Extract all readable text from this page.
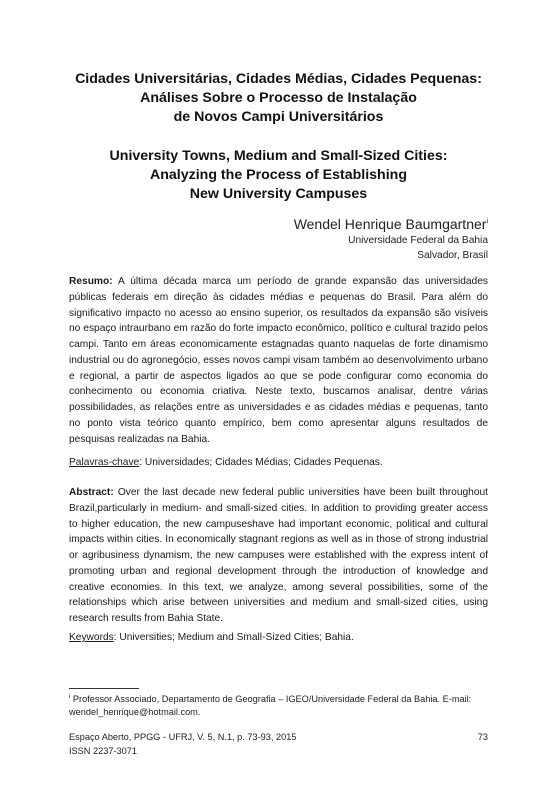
Cidades Universitárias, Cidades Médias, Cidades Pequenas:
Análises Sobre o Processo de Instalação
de Novos Campi Universitários
University Towns, Medium and Small-Sized Cities:
Analyzing the Process of Establishing
New University Campuses
Wendel Henrique Baumgartner$^i$
Universidade Federal da Bahia
Salvador, Brasil
Resumo: A última década marca um período de grande expansão das universidades públicas federais em direção às cidades médias e pequenas do Brasil. Para além do significativo impacto no acesso ao ensino superior, os resultados da expansão são visíveis no espaço intraurbano em razão do forte impacto econômico, político e cultural trazido pelos campi. Tanto em áreas economicamente estagnadas quanto naquelas de forte dinamismo industrial ou do agronegócio, esses novos campi visam também ao desenvolvimento urbano e regional, a partir de aspectos ligados ao que se pode configurar como economia do conhecimento ou economia criativa. Neste texto, buscamos analisar, dentre várias possibilidades, as relações entre as universidades e as cidades médias e pequenas, tanto no ponto vista teórico quanto empírico, bem como apresentar alguns resultados de pesquisas realizadas na Bahia.
Palavras-chave: Universidades; Cidades Médias; Cidades Pequenas.
Abstract: Over the last decade new federal public universities have been built throughout Brazil,particularly in medium- and small-sized cities. In addition to providing greater access to higher education, the new campuseshave had important economic, political and cultural impacts within cities. In economically stagnant regions as well as in those of strong industrial or agribusiness dynamism, the new campuses were established with the express intent of promoting urban and regional development through the introduction of knowledge and creative economies. In this text, we analyze, among several possibilities, some of the relationships which arise between universities and medium and small-sized cities, using research results from Bahia State.
Keywords: Universities; Medium and Small-Sized Cities; Bahia.
$^i$ Professor Associado, Departamento de Geografia – IGEO/Universidade Federal da Bahia. E-mail: wendel_henrique@hotmail.com.
Espaço Aberto, PPGG - UFRJ, V. 5, N.1, p. 73-93, 2015
ISSN 2237-3071
73
